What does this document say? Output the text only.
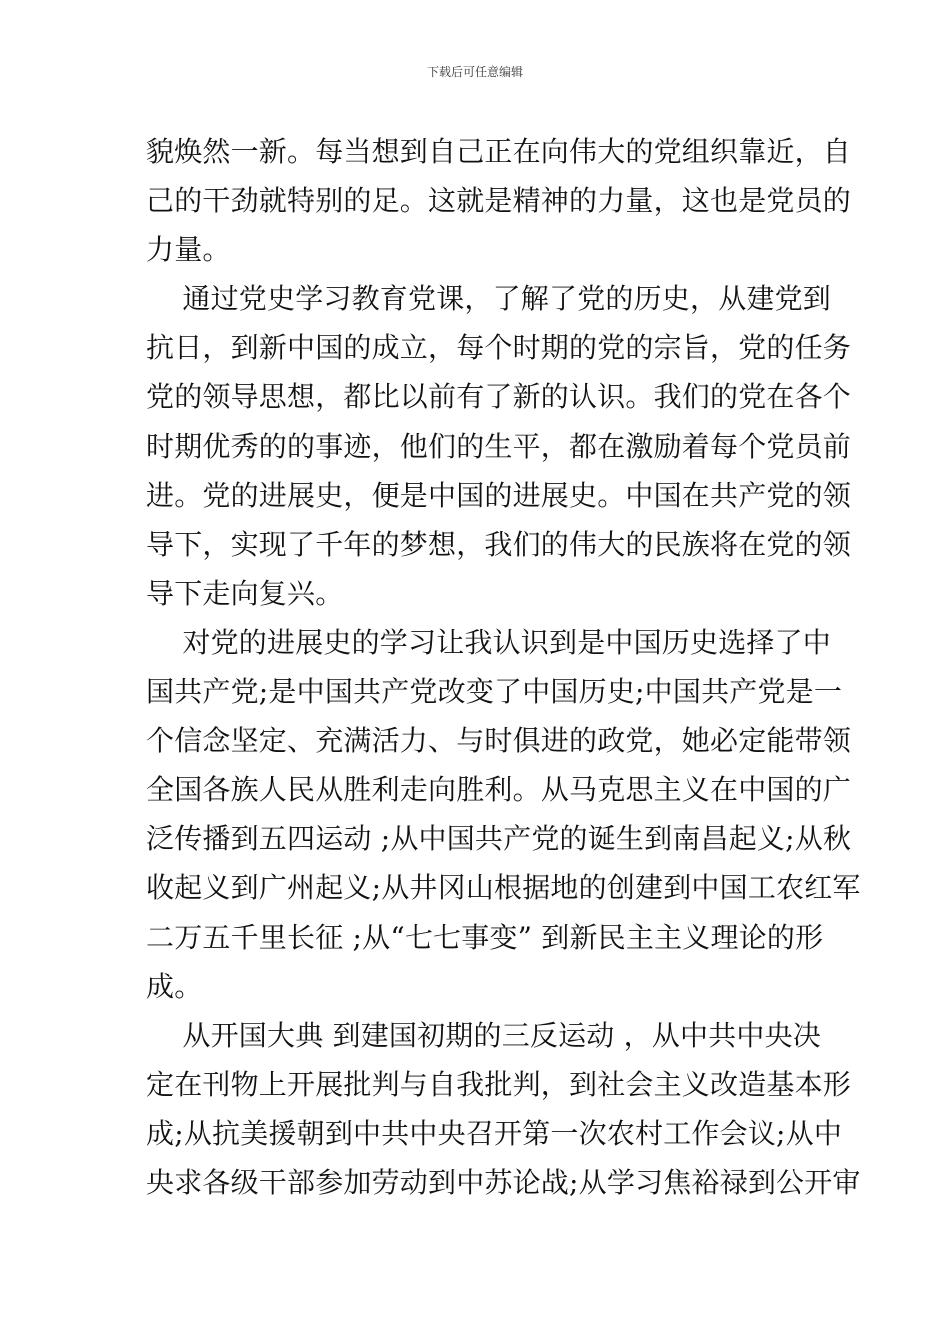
下载后可任意编辑
貌焕然一新。每当想到自己正在向伟大的党组织靠近，自
己的干劲就特别的足。这就是精神的力量，这也是党员的
力量。
通过党史学习教育党课，了解了党的历史，从建党到
抗日，到新中国的成立，每个时期的党的宗旨，党的任务
党的领导思想，都比以前有了新的认识。我们的党在各个
时期优秀的的事迹，他们的生平，都在激励着每个党员前
进。党的进展史，便是中国的进展史。中国在共产党的领
导下，实现了千年的梦想，我们的伟大的民族将在党的领
导下走向复兴。
对党的进展史的学习让我认识到是中国历史选择了中
国共产党;是中国共产党改变了中国历史;中国共产党是一
个信念坚定、充满活力、与时俱进的政党，她必定能带领
全国各族人民从胜利走向胜利。从马克思主义在中国的广
泛传播到五四运动 ;从中国共产党的诞生到南昌起义;从秋
收起义到广州起义;从井冈山根据地的创建到中国工农红军
二万五千里长征 ;从“七七事变” 到新民主主义理论的形
成。
从开国大典 到建国初期的三反运动 ，从中共中央决
定在刊物上开展批判与自我批判，到社会主义改造基本形
成;从抗美援朝到中共中央召开第一次农村工作会议;从中
央求各级干部参加劳动到中苏论战;从学习焦裕禄到公开审
